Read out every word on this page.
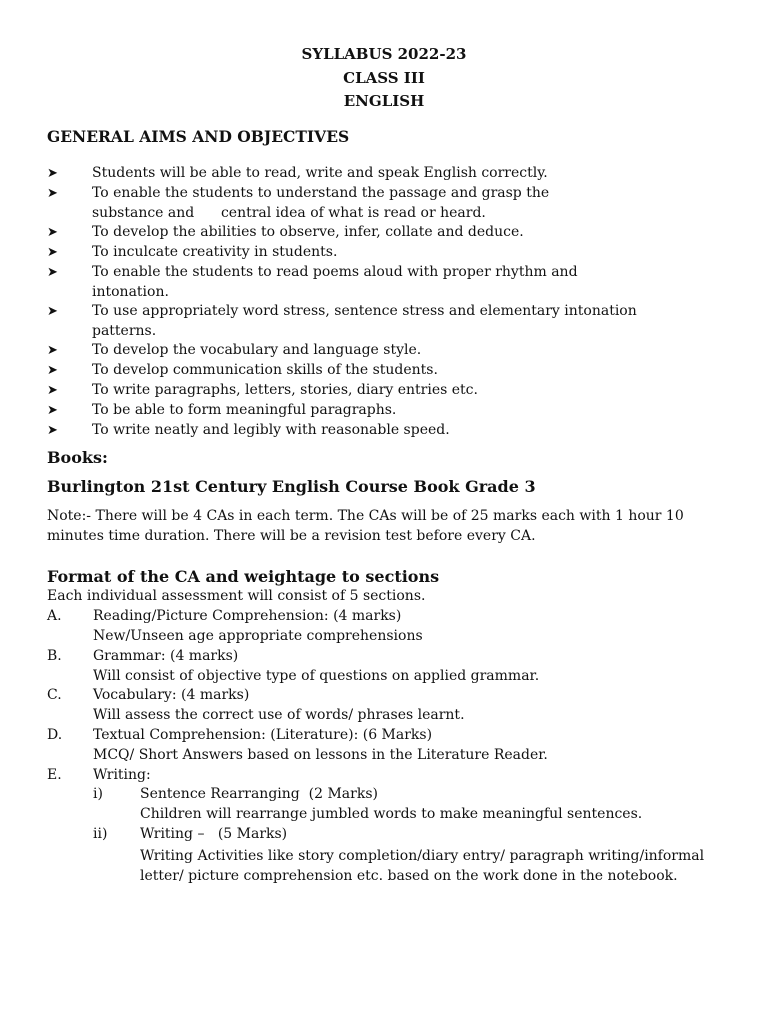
SYLLABUS 2022-23
CLASS III
ENGLISH
GENERAL AIMS AND OBJECTIVES
➤ Students will be able to read, write and speak English correctly.
➤ To enable the students to understand the passage and grasp the substance and      central idea of what is read or heard.
➤ To develop the abilities to observe, infer, collate and deduce.
➤ To inculcate creativity in students.
➤ To enable the students to read poems aloud with proper rhythm and intonation.
➤ To use appropriately word stress, sentence stress and elementary intonation patterns.
➤ To develop the vocabulary and language style.
➤ To develop communication skills of the students.
➤ To write paragraphs, letters, stories, diary entries etc.
➤ To be able to form meaningful paragraphs.
➤ To write neatly and legibly with reasonable speed.
Books:
Burlington 21st Century English Course Book Grade 3
Note:- There will be 4 CAs in each term. The CAs will be of 25 marks each with 1 hour 10 minutes time duration. There will be a revision test before every CA.
Format of the CA and weightage to sections
Each individual assessment will consist of 5 sections.
A. Reading/Picture Comprehension: (4 marks)
New/Unseen age appropriate comprehensions
B. Grammar: (4 marks)
Will consist of objective type of questions on applied grammar.
C. Vocabulary: (4 marks)
Will assess the correct use of words/ phrases learnt.
D. Textual Comprehension: (Literature): (6 Marks)
MCQ/ Short Answers based on lessons in the Literature Reader.
E. Writing:
i)	Sentence Rearranging  (2 Marks)
Children will rearrange jumbled words to make meaningful sentences.
ii) Writing –   (5 Marks)
Writing Activities like story completion/diary entry/ paragraph writing/informal letter/ picture comprehension etc. based on the work done in the notebook.
